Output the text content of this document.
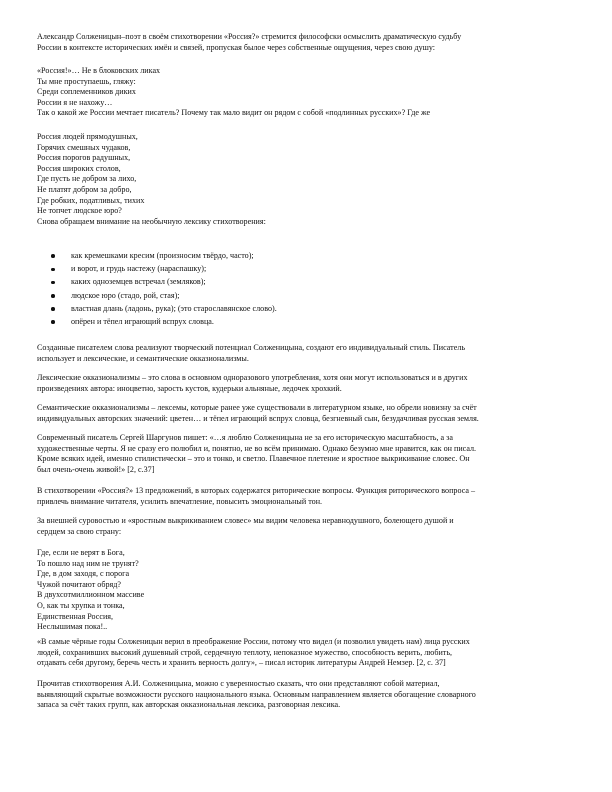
Александр Солженицын–поэт в своём стихотворении «Россия?» стремится философски осмыслить драматическую судьбу
России в контексте исторических имён и связей, пропуская былое через собственные ощущения, через свою душу:

«Россия!»… Не в блоковских ликах
Ты мне проступаешь, гляжу:
Среди соплеменников диких
России я не нахожу…
Так о какой же России мечтает писатель? Почему так мало видит он рядом с собой «подлинных русских»? Где же

Россия людей прямодушных,
Горячих смешных чудаков,
Россия порогов радушных,
Россия широких столов,
Где пусть не добром за лихо,
Не платят добром за добро,
Где робких, податливых, тихих
Не топчет людское юро?
Снова обращаем внимание на необычную лексику стихотворения:

как кремешками кресим (произносим твёрдо, часто);
и ворот, и грудь настежу (нараспашку);
каких одноземцев встречал (земляков);
людское юро (стадо, рой, стая);
властная длань (ладонь, рука); (это старославянское слово).
опёрен и тёпел играющий вспрух словца.

Созданные писателем слова реализуют творческий потенциал Солженицына, создают его индивидуальный стиль. Писатель
использует и лексические, и семантические окказионализмы.

Лексические окказионализмы – это слова в основном одноразового употребления, хотя они могут использоваться и в других
произведениях автора: иноцветно, зарость кустов, кудерьки альняные, ледочек хрохкий.

Семантические окказионализмы – лексемы, которые ранее уже существовали в литературном языке, но обрели новизну за счёт
индивидуальных авторских значений: цветен… и тёпел играющий вспрух словца, безгневный сын, безудачливая русская земля.

Современный писатель Сергей Шаргунов пишет: «…я люблю Солженицына не за его историческую масштабность, а за
художественные черты. Я не сразу его полюбил и, понятно, не во всём принимаю. Однако безумно мне нравится, как он писал.
Кроме всяких идей, именно стилистически – это и тонко, и светло. Плавечное плетение и яростное выкрикивание словес. Он
был очень-очень живой!» [2, с.37]

В стихотворении «Россия?» 13 предложений, в которых содержатся риторические вопросы. Функция риторического вопроса –
привлечь внимание читателя, усилить впечатление, повысить эмоциональный тон.

За внешней суровостью и «яростным выкрикиванием словес» мы видим человека неравнодушного, болеющего душой и
сердцем за свою страну:

Где, если не верят в Бога,
То пошло над ним не трунят?
Где, в дом заходя, с порога
Чужой почитают обряд?
В двухсотмиллионном массиве
О, как ты хрупка и тонка,
Единственная Россия,
Неслышимая пока!..

«В самые чёрные годы Солженицын верил в преображение России, потому что видел (и позволил увидеть нам) лица русских
людей, сохранивших высокий душевный строй, сердечную теплоту, непоказное мужество, способность верить, любить,
отдавать себя другому, беречь честь и хранить верность долгу», – писал историк литературы Андрей Немзер. [2, с. 37]

Прочитав стихотворения А.И. Солженицына, можно с уверенностью сказать, что они представляют собой материал,
выявляющий скрытые возможности русского национального языка. Основным направлением является обогащение словарного
запаса за счёт таких групп, как авторская окказиональная лексика, разговорная лексика.
